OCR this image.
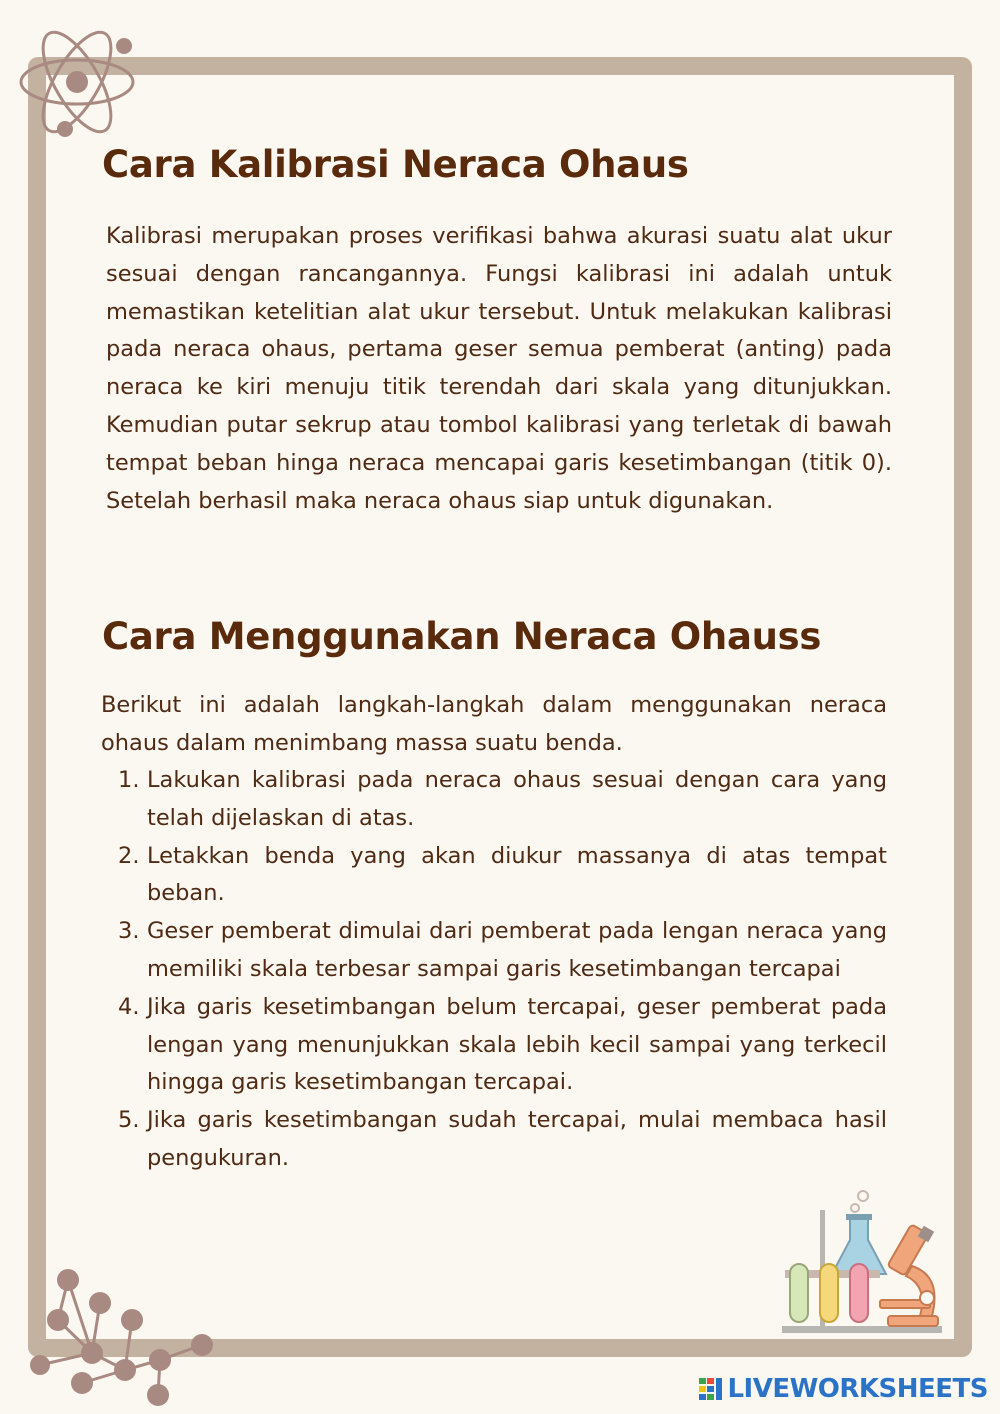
Cara Kalibrasi Neraca Ohaus

Kalibrasi merupakan proses verifikasi bahwa akurasi suatu alat ukur sesuai dengan rancangannya. Fungsi kalibrasi ini adalah untuk memastikan ketelitian alat ukur tersebut. Untuk melakukan kalibrasi pada neraca ohaus, pertama geser semua pemberat (anting) pada neraca ke kiri menuju titik terendah dari skala yang ditunjukkan. Kemudian putar sekrup atau tombol kalibrasi yang terletak di bawah tempat beban hinga neraca mencapai garis kesetimbangan (titik 0). Setelah berhasil maka neraca ohaus siap untuk digunakan.

Cara Menggunakan Neraca Ohauss

Berikut ini adalah langkah-langkah dalam menggunakan neraca ohaus dalam menimbang massa suatu benda.

1. Lakukan kalibrasi pada neraca ohaus sesuai dengan cara yang telah dijelaskan di atas.
2. Letakkan benda yang akan diukur massanya di atas tempat beban.
3. Geser pemberat dimulai dari pemberat pada lengan neraca yang memiliki skala terbesar sampai garis kesetimbangan tercapai
4. Jika garis kesetimbangan belum tercapai, geser pemberat pada lengan yang menunjukkan skala lebih kecil sampai yang terkecil hingga garis kesetimbangan tercapai.
5. Jika garis kesetimbangan sudah tercapai, mulai membaca hasil pengukuran.
LIVEWORKSHEETS
